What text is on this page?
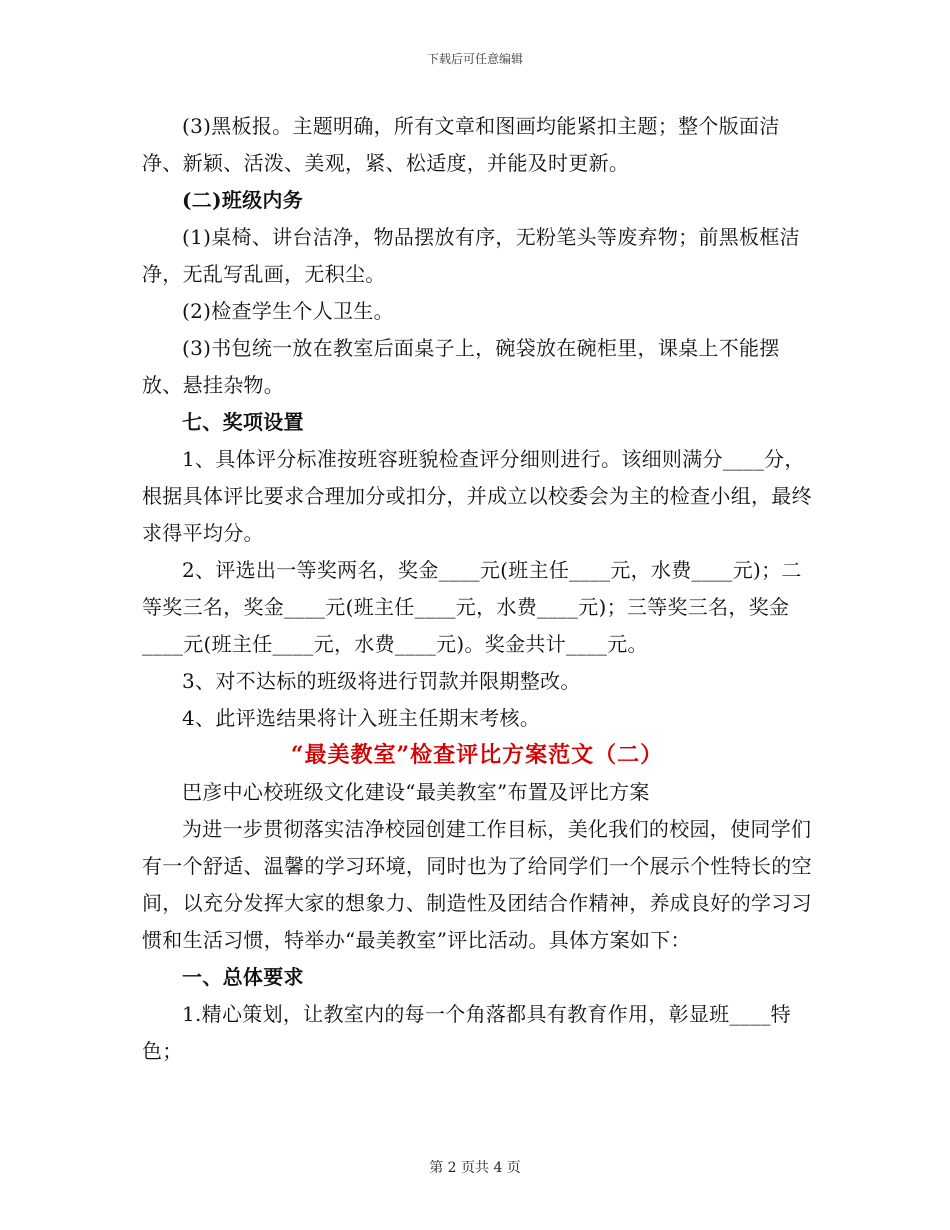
下载后可任意编辑

(3)黑板报。主题明确，所有文章和图画均能紧扣主题；整个版面洁净、新颖、活泼、美观，紧、松适度，并能及时更新。

(二)班级内务

(1)桌椅、讲台洁净，物品摆放有序，无粉笔头等废弃物；前黑板框洁净，无乱写乱画，无积尘。

(2)检查学生个人卫生。

(3)书包统一放在教室后面桌子上，碗袋放在碗柜里，课桌上不能摆放、悬挂杂物。

七、奖项设置

1、具体评分标准按班容班貌检查评分细则进行。该细则满分____分，根据具体评比要求合理加分或扣分，并成立以校委会为主的检查小组，最终求得平均分。

2、评选出一等奖两名，奖金____元(班主任____元，水费____元)；二等奖三名，奖金____元(班主任____元，水费____元)；三等奖三名，奖金____元(班主任____元，水费____元)。奖金共计____元。

3、对不达标的班级将进行罚款并限期整改。

4、此评选结果将计入班主任期末考核。

“最美教室”检查评比方案范文（二）

巴彦中心校班级文化建设“最美教室”布置及评比方案

为进一步贯彻落实洁净校园创建工作目标，美化我们的校园，使同学们有一个舒适、温馨的学习环境，同时也为了给同学们一个展示个性特长的空间，以充分发挥大家的想象力、制造性及团结合作精神，养成良好的学习习惯和生活习惯，特举办“最美教室”评比活动。具体方案如下：

一、总体要求

1.精心策划，让教室内的每一个角落都具有教育作用，彰显班____特色；

第 2 页共 4 页
